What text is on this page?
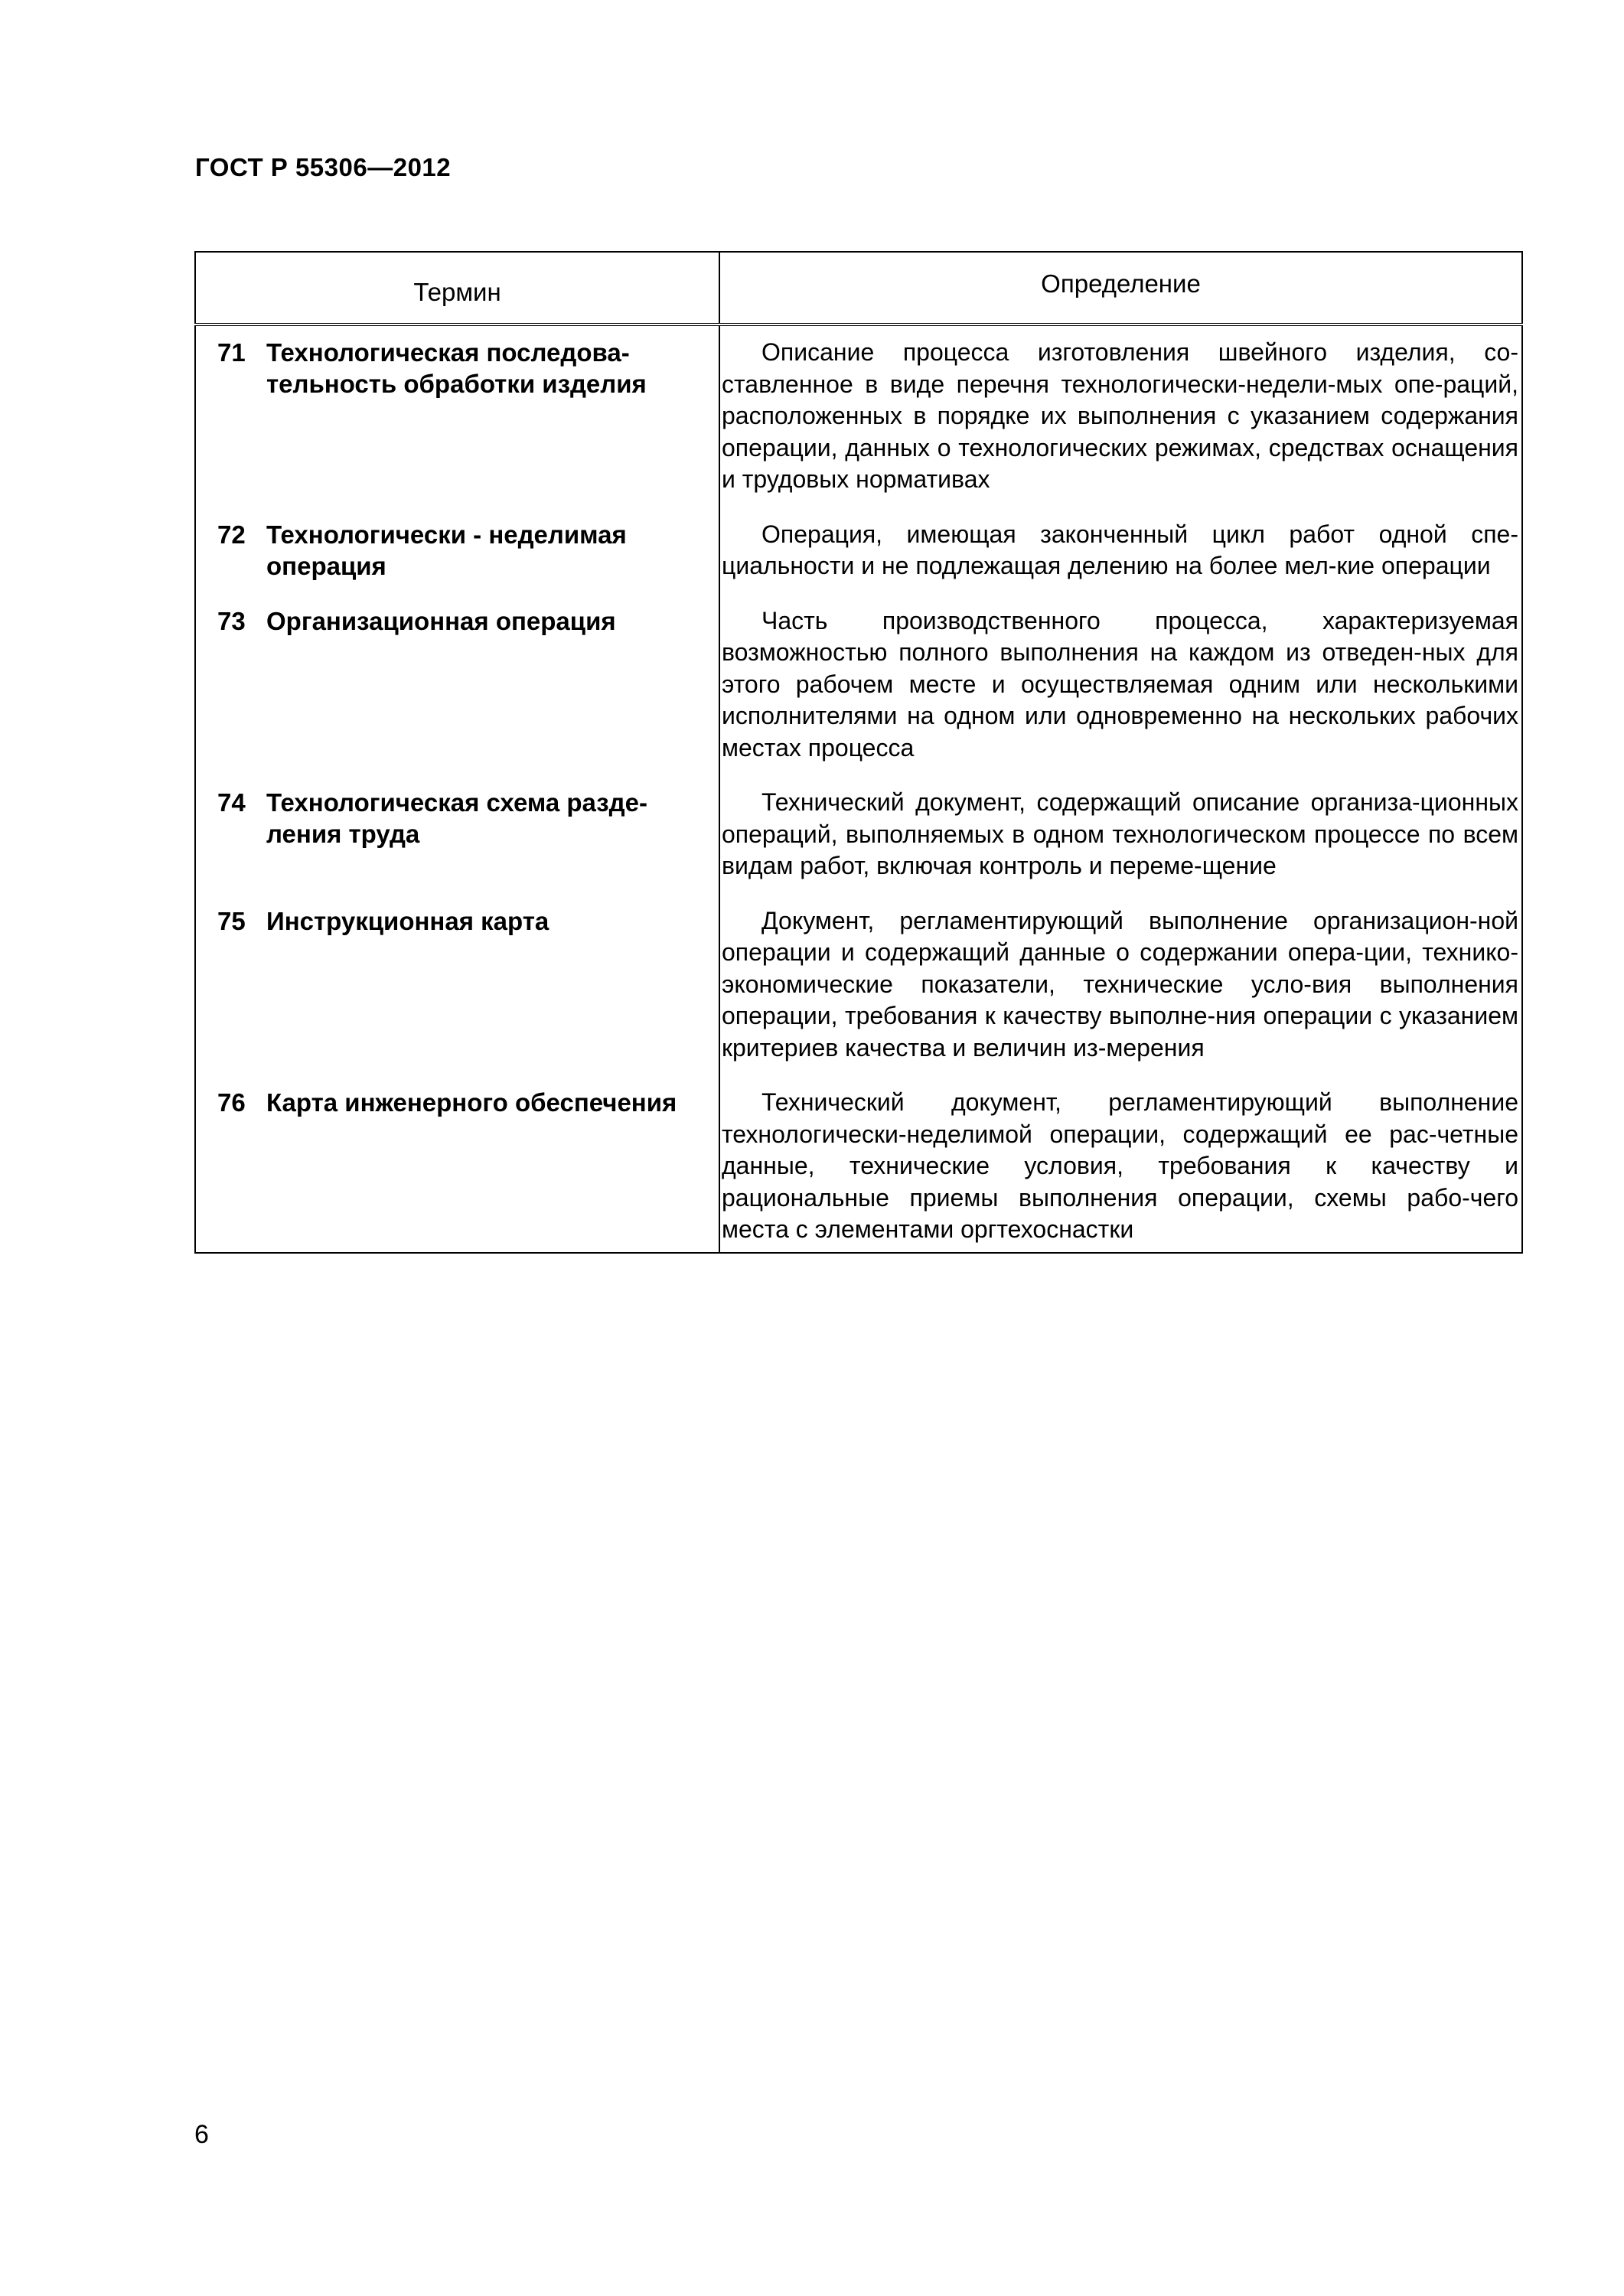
ГОСТ Р 55306—2012
Термин	Определение

71 Технологическая последова-тельность обработки изделия	Описание процесса изготовления швейного изделия, со-ставленное в виде перечня технологически-недели-мых опе-раций, расположенных в порядке их выполнения с указанием содержания операции, данных о технологических режимах, средствах оснащения и трудовых нормативах

72 Технологически - неделимая операция	Операция, имеющая законченный цикл работ одной спе-циальности и не подлежащая делению на более мел-кие операции

73 Организационная операция	Часть производственного процесса, характеризуемая возможностью полного выполнения на каждом из отведен-ных для этого рабочем месте и осуществляемая одним или несколькими исполнителями на одном или одновременно на нескольких рабочих местах процесса

74 Технологическая схема разде-ления труда	Технический документ, содержащий описание организа-ционных операций, выполняемых в одном технологическом процессе по всем видам работ, включая контроль и переме-щение

75 Инструкционная карта	Документ, регламентирующий выполнение организацион-ной операции и содержащий данные о содержании опера-ции, технико-экономические показатели, технические усло-вия выполнения операции, требования к качеству выполне-ния операции с указанием критериев качества и величин из-мерения

76 Карта инженерного обеспечения	Технический документ, регламентирующий выполнение технологически-неделимой операции, содержащий ее рас-четные данные, технические условия, требования к качеству и рациональные приемы выполнения операции, схемы рабо-чего места с элементами оргтехоснастки
6
